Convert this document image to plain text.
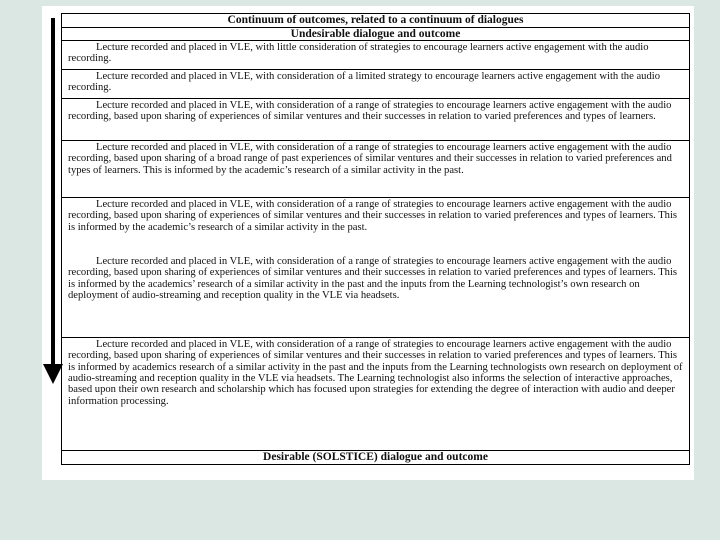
Continuum of outcomes, related to a continuum of dialogues
Undesirable dialogue and outcome
Lecture recorded and placed in VLE, with little consideration of strategies to encourage learners active engagement with the audio recording.
Lecture recorded and placed in VLE, with consideration of a limited strategy to encourage learners active engagement with the audio recording.
Lecture recorded and placed in VLE, with consideration of a range of strategies to encourage learners active engagement with the audio recording, based upon sharing of experiences of similar ventures and their successes in relation to varied preferences and types of learners.
Lecture recorded and placed in VLE, with consideration of a range of strategies to encourage learners active engagement with the audio recording, based upon sharing of a broad range of past experiences of similar ventures and their successes in relation to varied preferences and types of learners. This is informed by the academic’s research of a similar activity in the past.
Lecture recorded and placed in VLE, with consideration of a range of strategies to encourage learners active engagement with the audio recording, based upon sharing of experiences of similar ventures and their successes in relation to varied preferences and types of learners. This is informed by the academic’s research of a similar activity in the past.
Lecture recorded and placed in VLE, with consideration of a range of strategies to encourage learners active engagement with the audio recording, based upon sharing of experiences of similar ventures and their successes in relation to varied preferences and types of learners. This is informed by the academics’ research of a similar activity in the past and the inputs from the Learning technologist’s own research on deployment of audio-streaming and reception quality in the VLE via headsets.
Lecture recorded and placed in VLE, with consideration of a range of strategies to encourage learners active engagement with the audio recording, based upon sharing of experiences of similar ventures and their successes in relation to varied preferences and types of learners. This is informed by academics research of a similar activity in the past and the inputs from the Learning technologists own research on deployment of audio-streaming and reception quality in the VLE via headsets. The Learning technologist also informs the selection of interactive approaches, based upon their own research and scholarship which has focused upon strategies for extending the degree of interaction with audio and deeper information processing.
Desirable (SOLSTICE) dialogue and outcome
